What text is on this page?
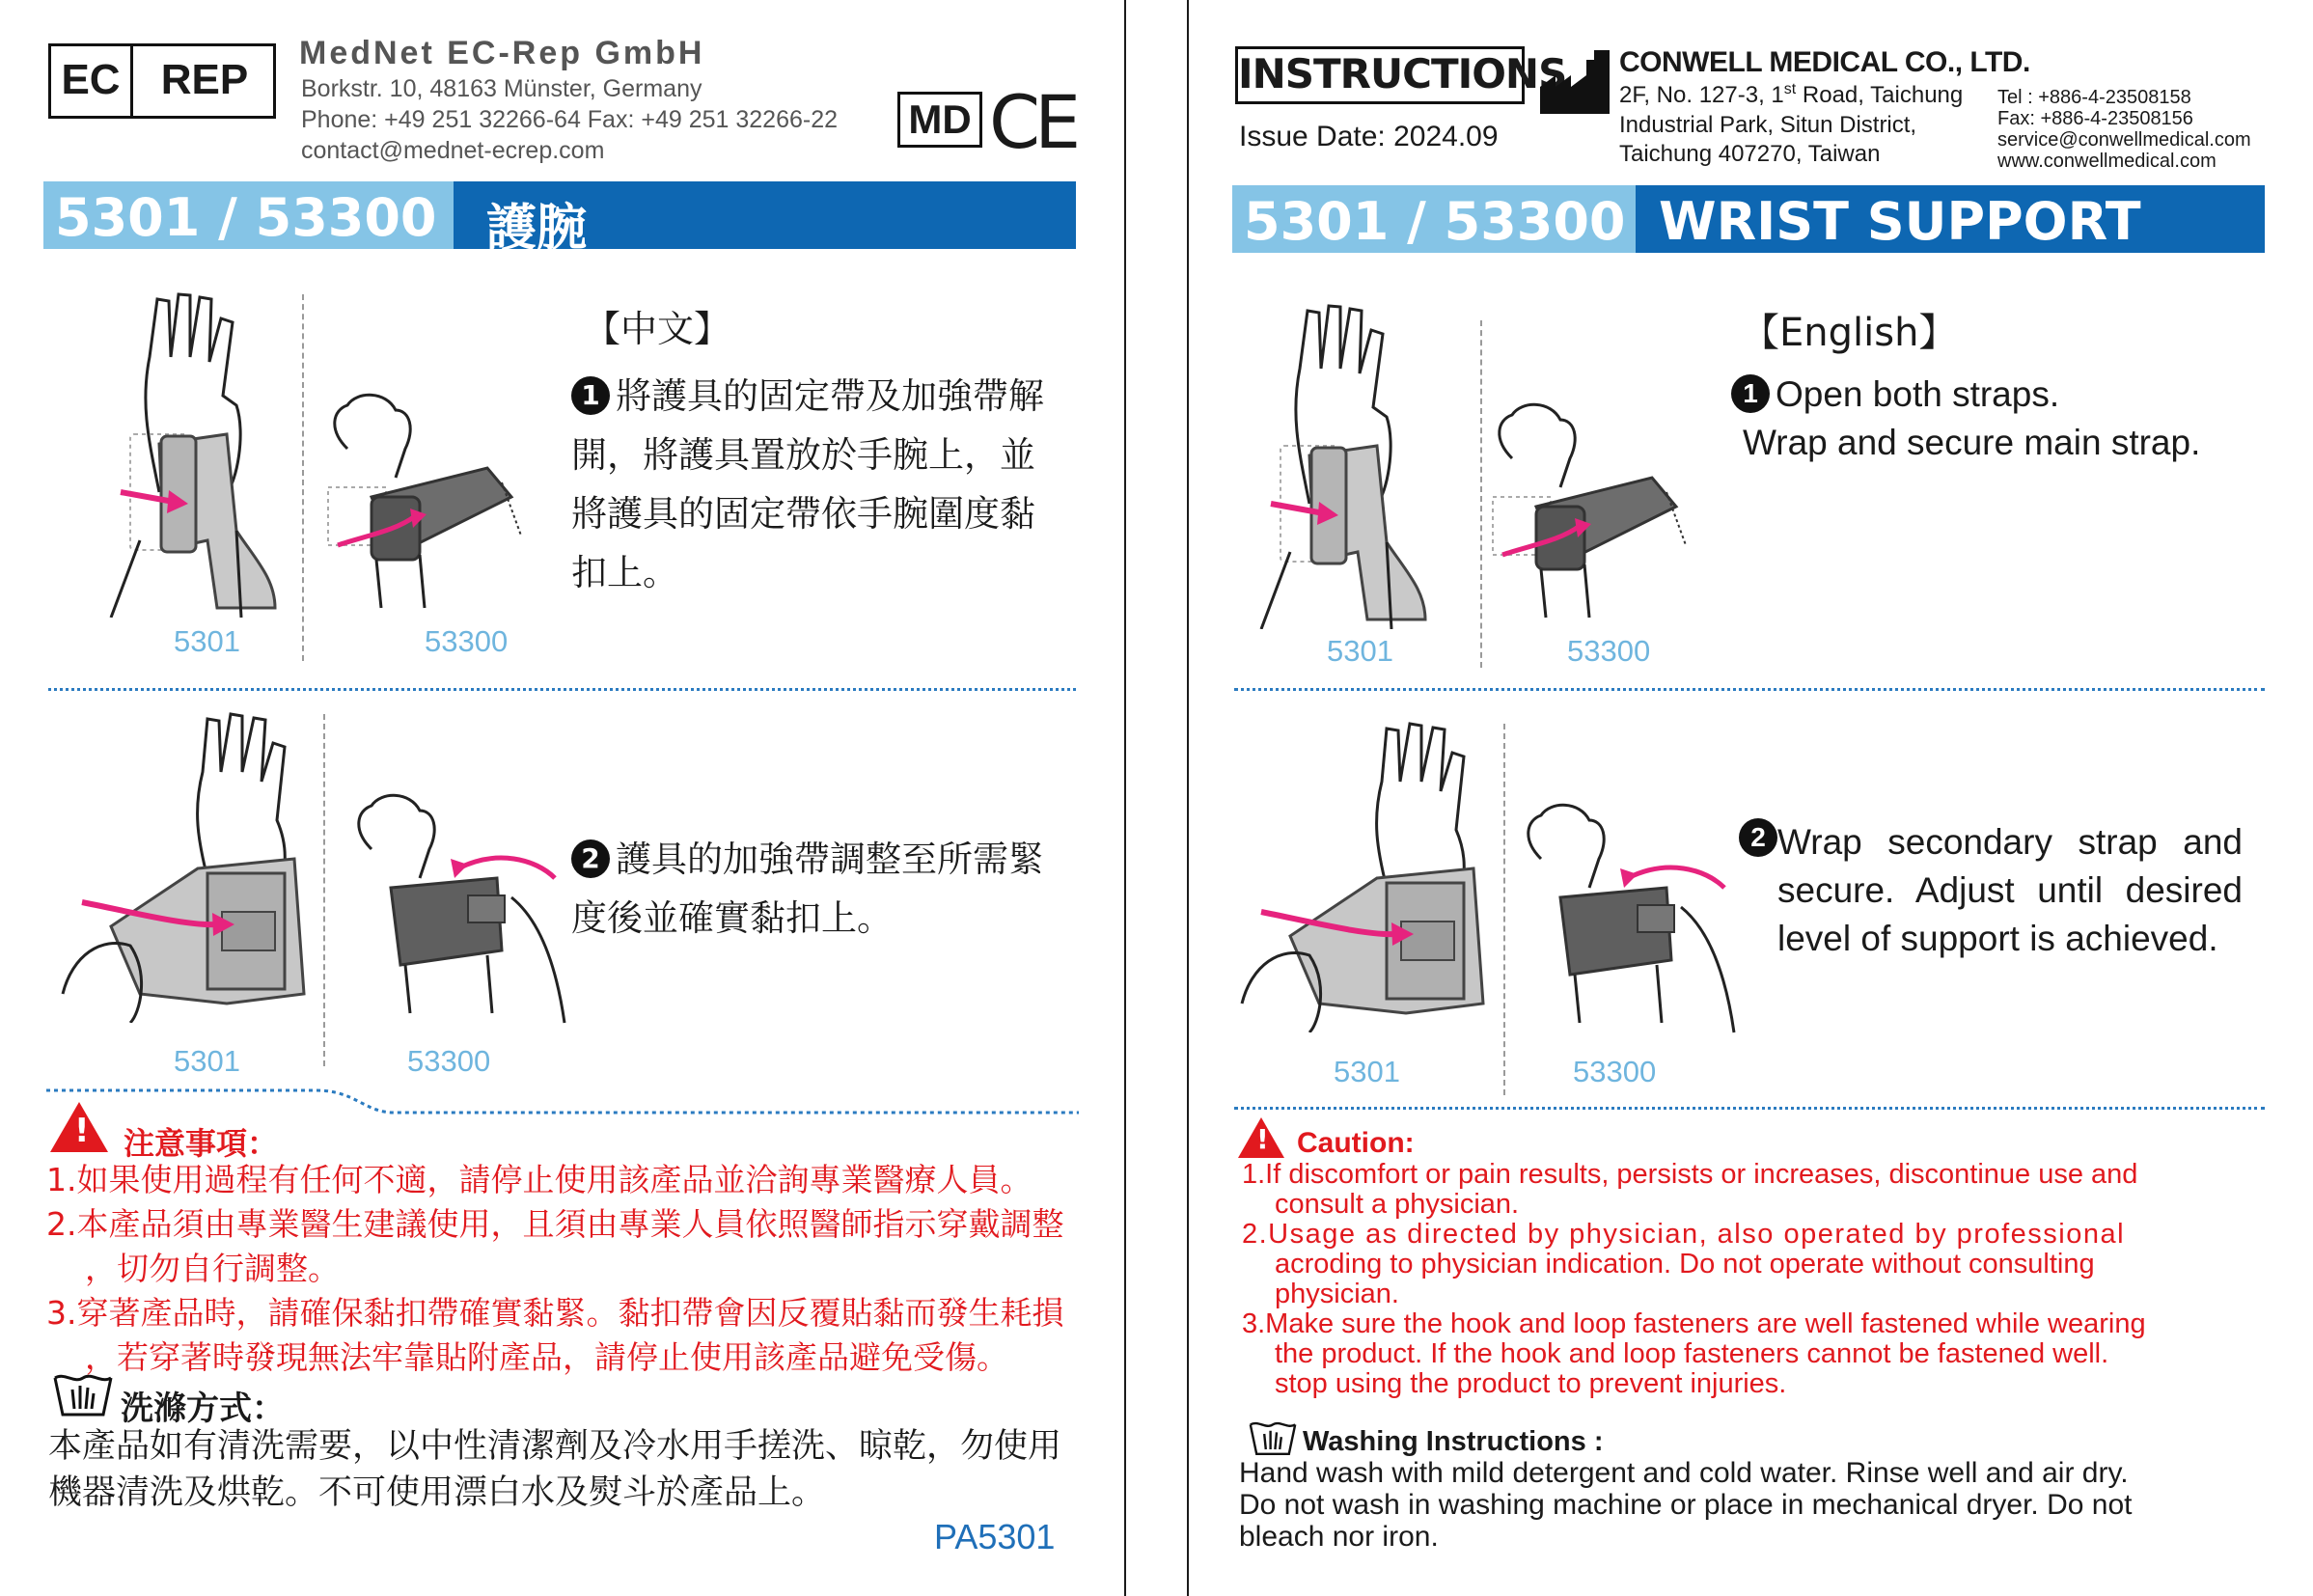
EC REP
MedNet EC-Rep GmbH
Borkstr. 10, 48163 Münster, Germany
Phone: +49 251 32266-64 Fax: +49 251 32266-22
contact@mednet-ecrep.com
MD CE
5301 / 53300 護腕
5301	53300
【中文】
1 將護具的固定帶及加強帶解開，將護具置放於手腕上，並將護具的固定帶依手腕圍度黏扣上。
5301	53300
2 護具的加強帶調整至所需緊度後並確實黏扣上。
! 注意事項：
1.如果使用過程有任何不適，請停止使用該產品並洽詢專業醫療人員。
2.本產品須由專業醫生建議使用，且須由專業人員依照醫師指示穿戴調整
，切勿自行調整。
3.穿著產品時，請確保黏扣帶確實黏緊。黏扣帶會因反覆貼黏而發生耗損
，若穿著時發現無法牢靠貼附產品，請停止使用該產品避免受傷。
洗滌方式：
本產品如有清洗需要，以中性清潔劑及冷水用手搓洗、晾乾，勿使用機器清洗及烘乾。不可使用漂白水及熨斗於產品上。
PA5301
INSTRUCTIONS
Issue Date: 2024.09
CONWELL MEDICAL CO., LTD.
2F, No. 127-3, 1st Road, Taichung
Industrial Park, Situn District,
Taichung 407270, Taiwan
Tel : +886-4-23508158
Fax: +886-4-23508156
service@conwellmedical.com
www.conwellmedical.com
5301 / 53300 WRIST SUPPORT
5301	53300
【English】
1 Open both straps.
Wrap and secure main strap.
5301	53300
2 Wrap secondary strap and secure. Adjust until desired level of support is achieved.
! Caution:
1.If discomfort or pain results, persists or increases, discontinue use and
consult a physician.
2.Usage as directed by physician, also operated by professional
acroding to physician indication. Do not operate without consulting
physician.
3.Make sure the hook and loop fasteners are well fastened while wearing
the product. If the hook and loop fasteners cannot be fastened well.
stop using the product to prevent injuries.
Washing Instructions :
Hand wash with mild detergent and cold water. Rinse well and air dry.
Do not wash in washing machine or place in mechanical dryer. Do not
bleach nor iron.
